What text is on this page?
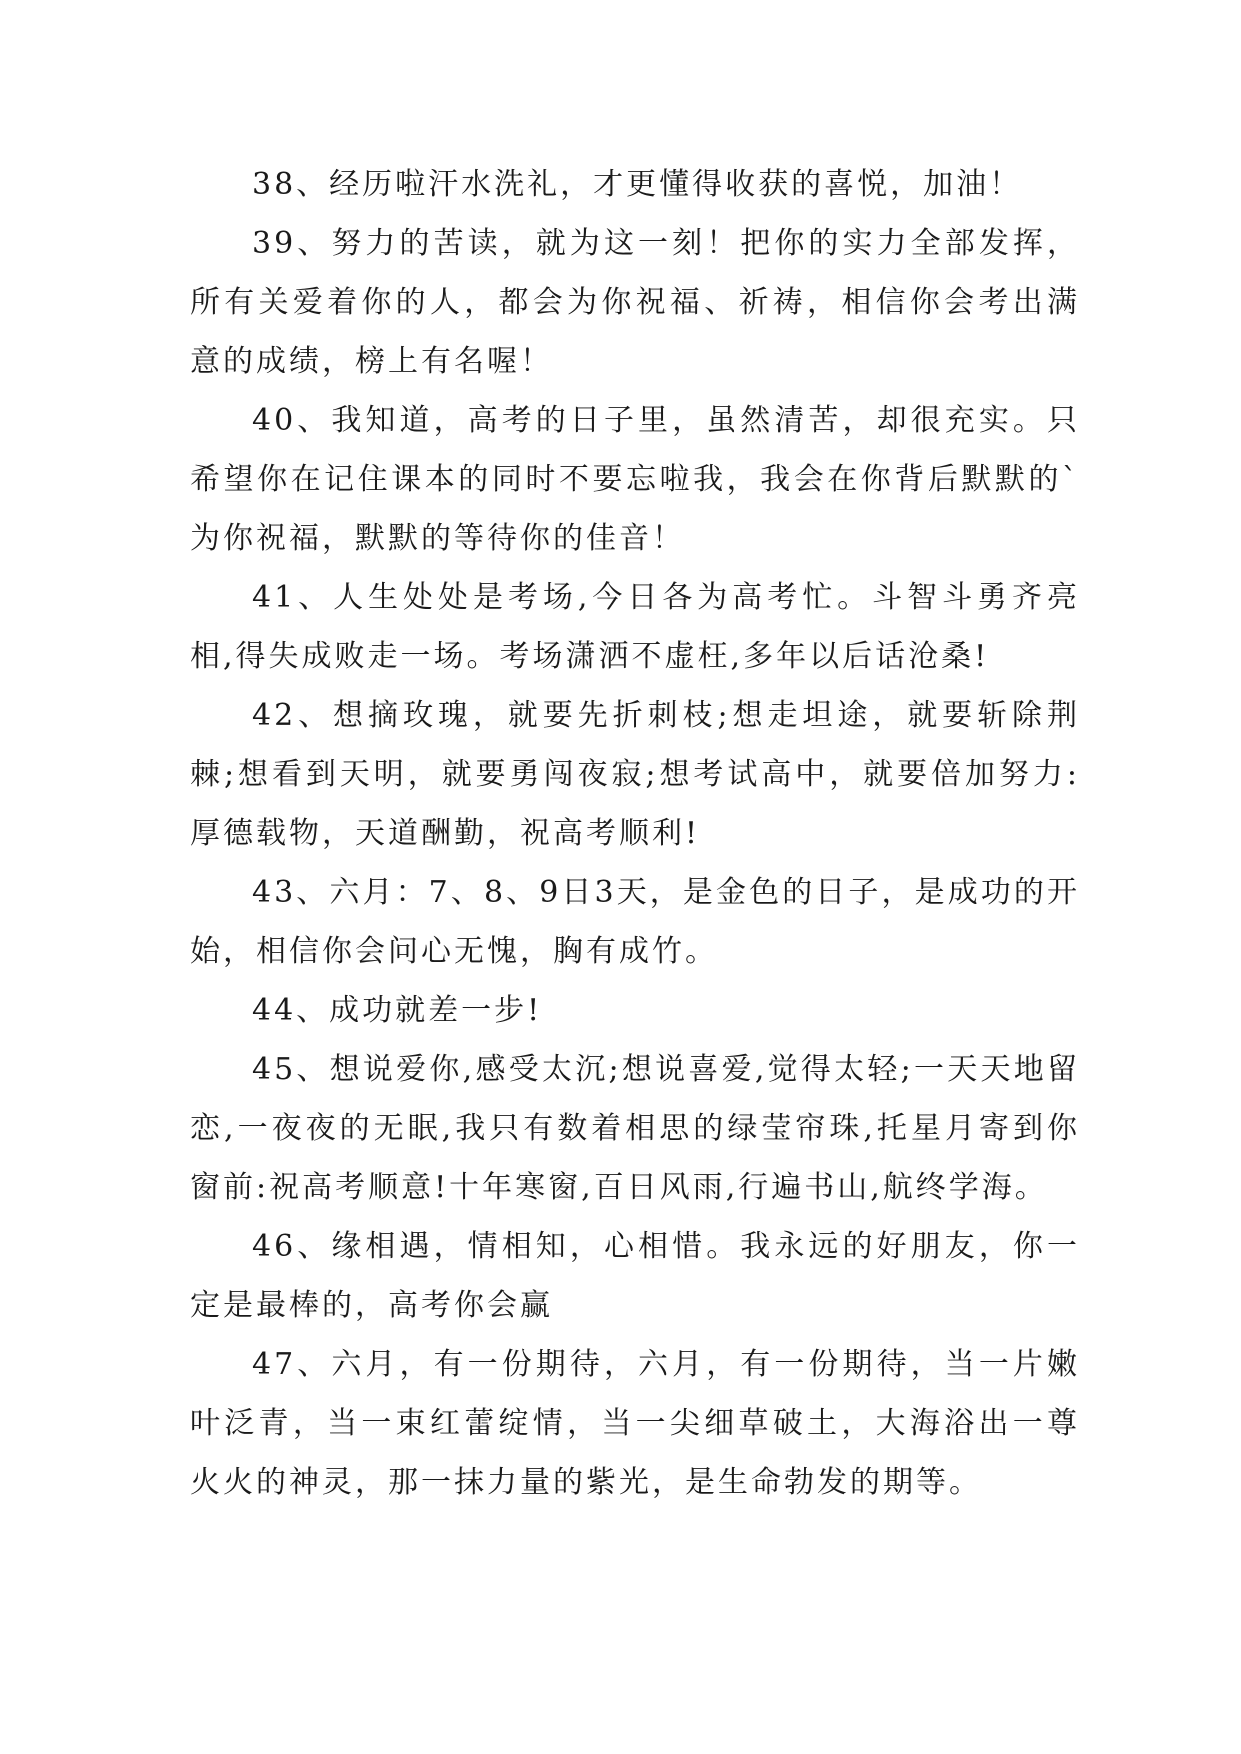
38、经历啦汗水洗礼，才更懂得收获的喜悦，加油！

39、努力的苦读，就为这一刻！把你的实力全部发挥，所有关爱着你的人，都会为你祝福、祈祷，相信你会考出满意的成绩，榜上有名喔！

40、我知道，高考的日子里，虽然清苦，却很充实。只希望你在记住课本的同时不要忘啦我，我会在你背后默默的`为你祝福，默默的等待你的佳音！

41、人生处处是考场,今日各为高考忙。斗智斗勇齐亮相,得失成败走一场。考场潇洒不虚枉,多年以后话沧桑!

42、想摘玫瑰，就要先折刺枝;想走坦途，就要斩除荆棘;想看到天明，就要勇闯夜寂;想考试高中，就要倍加努力:厚德载物，天道酬勤，祝高考顺利!

43、六月：7、8、9日3天，是金色的日子，是成功的开始，相信你会问心无愧，胸有成竹。

44、成功就差一步!

45、想说爱你,感受太沉;想说喜爱,觉得太轻;一天天地留恋,一夜夜的无眠,我只有数着相思的绿莹帘珠,托星月寄到你窗前:祝高考顺意!十年寒窗,百日风雨,行遍书山,航终学海。

46、缘相遇，情相知，心相惜。我永远的好朋友，你一定是最棒的，高考你会赢

47、六月，有一份期待，六月，有一份期待，当一片嫩叶泛青，当一束红蕾绽情，当一尖细草破土，大海浴出一尊火火的神灵，那一抹力量的紫光，是生命勃发的期等。
